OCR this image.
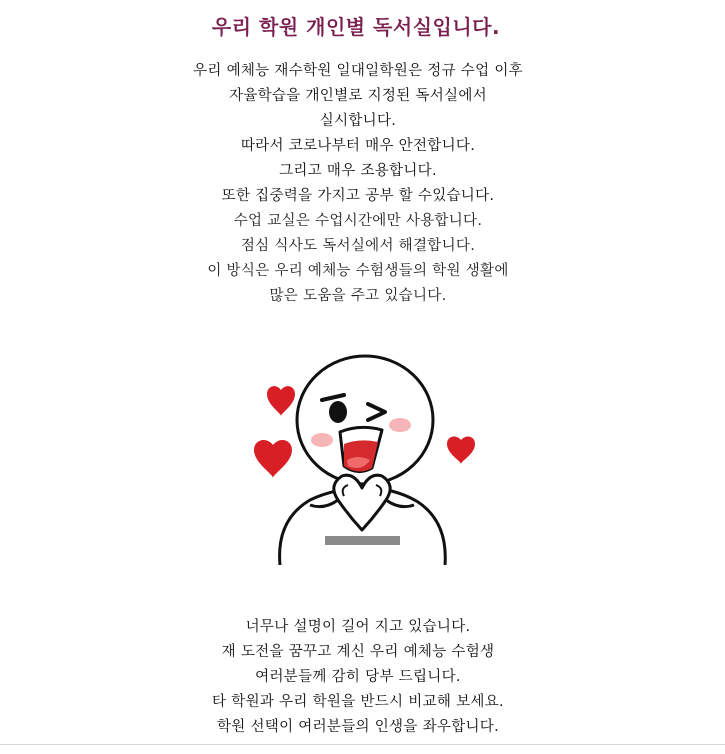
우리 학원 개인별 독서실입니다.
우리 예체능 재수학원 일대일학원은 정규 수업 이후
자율학습을 개인별로 지정된 독서실에서
실시합니다.
따라서 코로나부터 매우 안전합니다.
그리고 매우 조용합니다.
또한 집중력을 가지고 공부 할 수있습니다.
수업 교실은 수업시간에만 사용합니다.
점심 식사도 독서실에서 해결합니다.
이 방식은 우리 예체능 수험생들의 학원 생활에
많은 도움을 주고 있습니다.
너무나 설명이 길어 지고 있습니다.
재 도전을 꿈꾸고 계신 우리 예체능 수험생
여러분들께 감히 당부 드립니다.
타 학원과 우리 학원을 반드시 비교해 보세요.
학원 선택이 여러분들의 인생을 좌우합니다.
